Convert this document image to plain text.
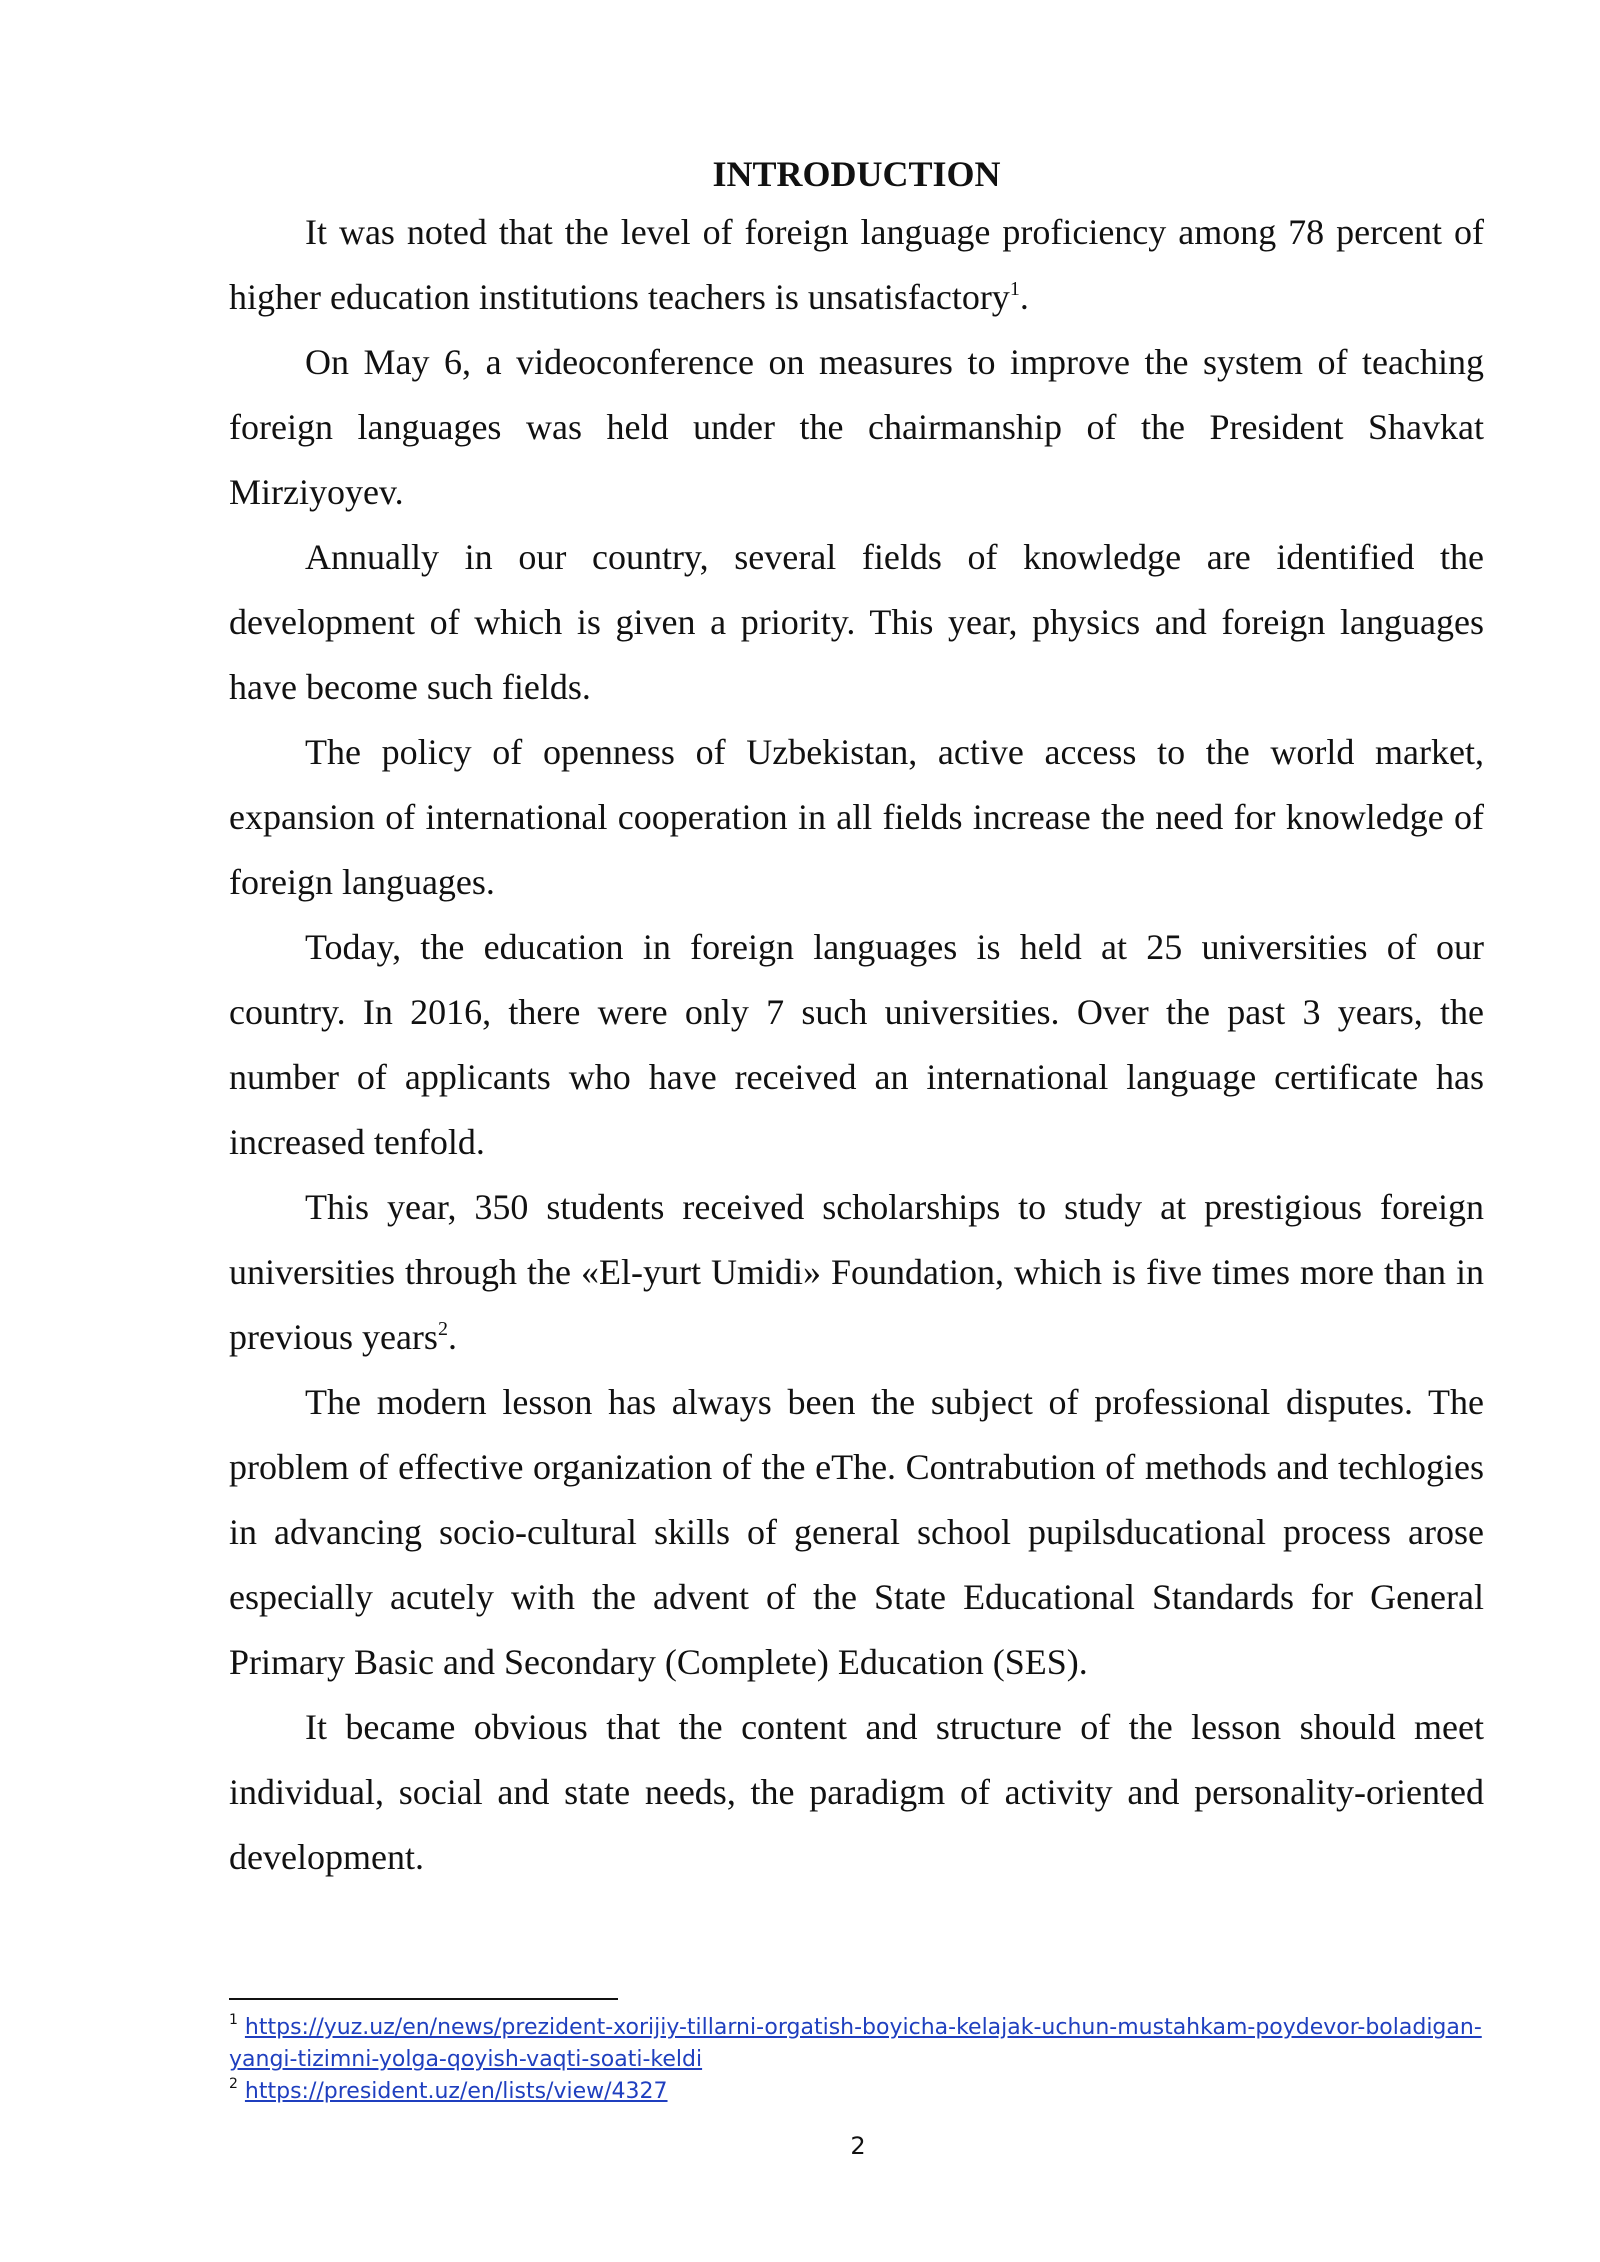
INTRODUCTION

It was noted that the level of foreign language proficiency among 78 percent of higher education institutions teachers is unsatisfactory$^1$.

On May 6, a videoconference on measures to improve the system of teaching foreign languages was held under the chairmanship of the President Shavkat Mirziyoyev.

Annually in our country, several fields of knowledge are identified the development of which is given a priority. This year, physics and foreign languages have become such fields.

The policy of openness of Uzbekistan, active access to the world market, expansion of international cooperation in all fields increase the need for knowledge of foreign languages.

Today, the education in foreign languages is held at 25 universities of our country. In 2016, there were only 7 such universities. Over the past 3 years, the number of applicants who have received an international language certificate has increased tenfold.

This year, 350 students received scholarships to study at prestigious foreign universities through the «El-yurt Umidi» Foundation, which is five times more than in previous years$^2$.

The modern lesson has always been the subject of professional disputes. The problem of effective organization of the eThe. Contrabution of methods and techlogies in advancing socio-cultural skills of general school pupilsducational process arose especially acutely with the advent of the State Educational Standards for General Primary Basic and Secondary (Complete) Education (SES).

It became obvious that the content and structure of the lesson should meet individual, social and state needs, the paradigm of activity and personality-oriented development.

$^1$ https://yuz.uz/en/news/prezident-xorijiy-tillarni-orgatish-boyicha-kelajak-uchun-mustahkam-poydevor-boladigan-yangi-tizimni-yolga-qoyish-vaqti-soati-keldi

$^2$ https://president.uz/en/lists/view/4327

2
